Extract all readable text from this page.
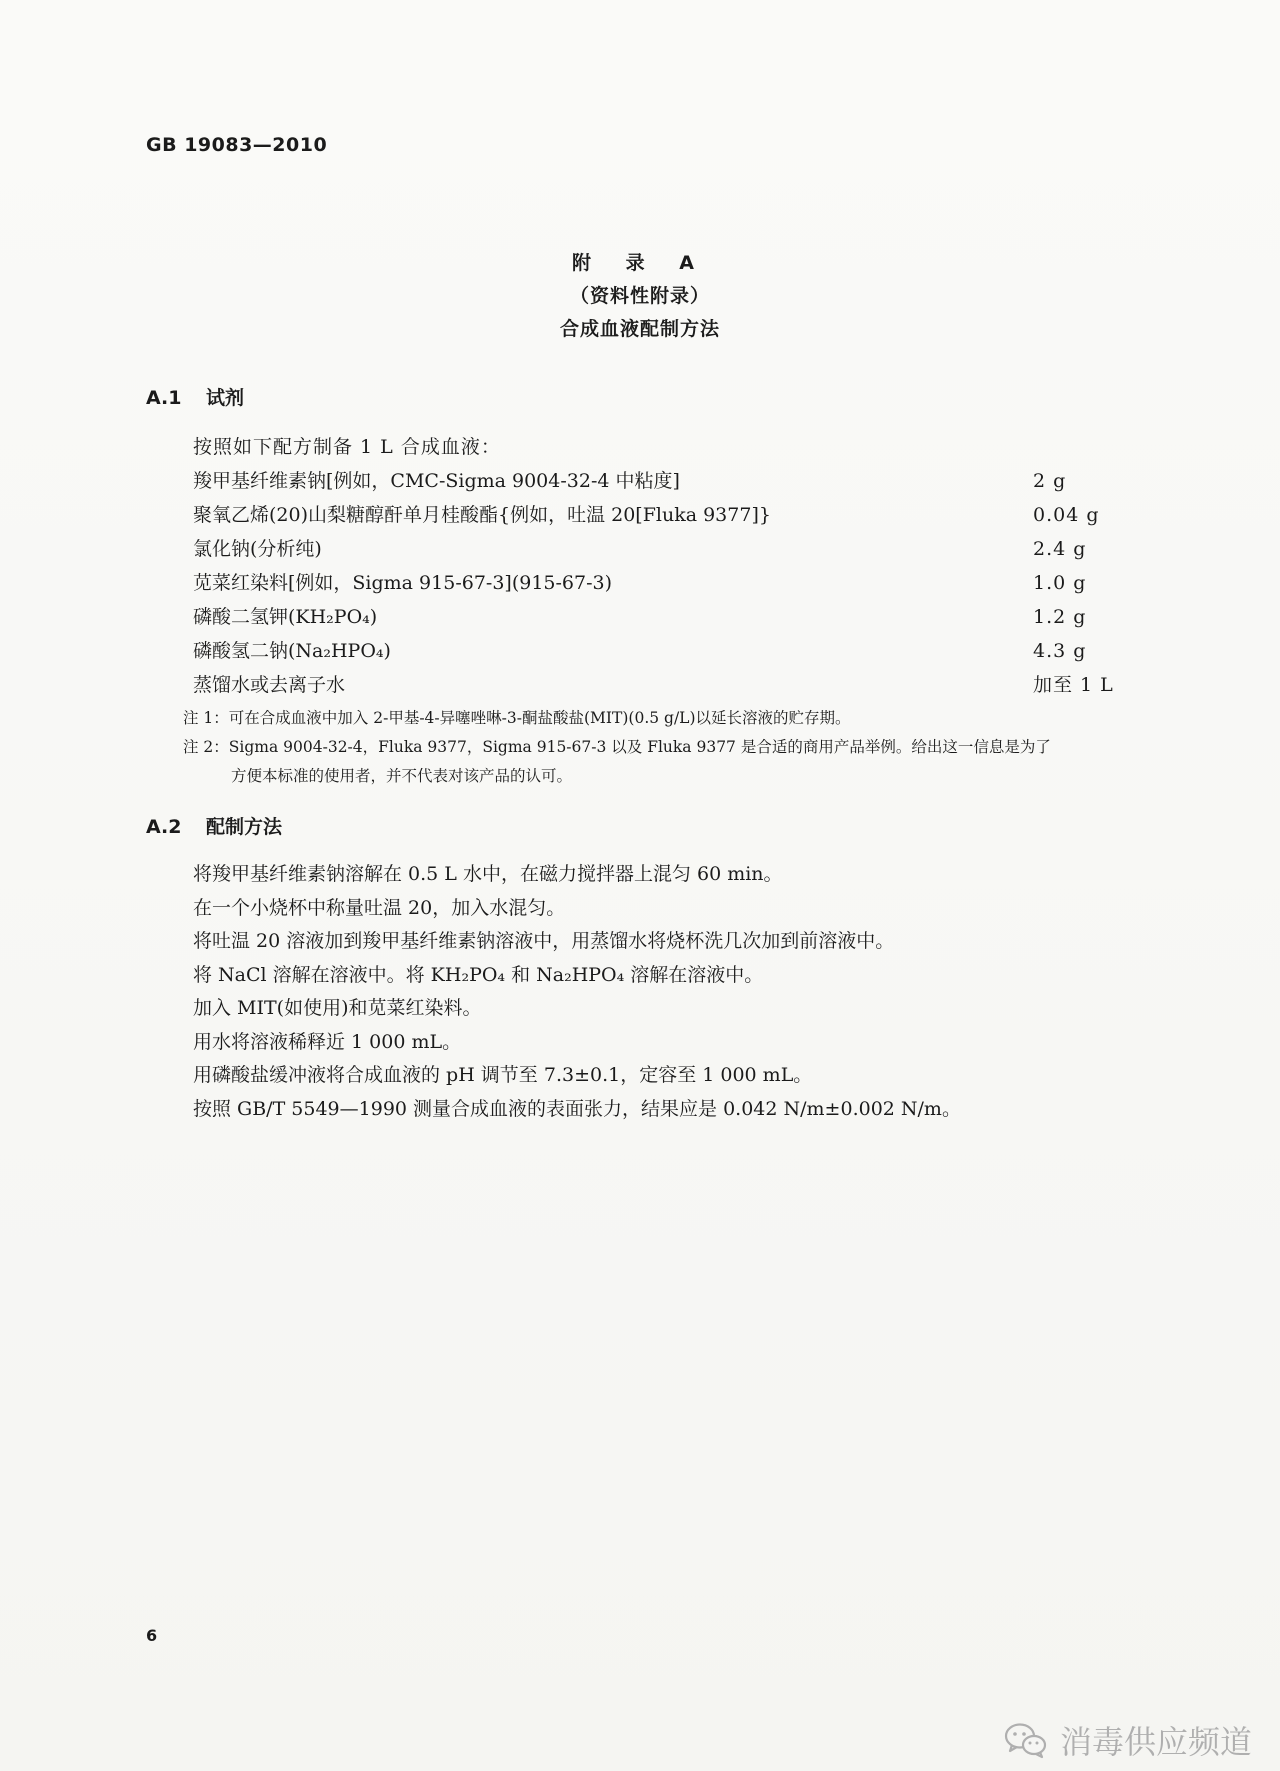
GB 19083—2010
附 录 A
（资料性附录）
合成血液配制方法
A.1 试剂
按照如下配方制备 1 L 合成血液：
羧甲基纤维素钠[例如，CMC-Sigma 9004-32-4 中粘度]	2 g
聚氧乙烯(20)山梨糖醇酐单月桂酸酯{例如，吐温 20[Fluka 9377]}	0.04 g
氯化钠(分析纯)	2.4 g
苋菜红染料[例如，Sigma 915-67-3](915-67-3)	1.0 g
磷酸二氢钾(KH₂PO₄)	1.2 g
磷酸氢二钠(Na₂HPO₄)	4.3 g
蒸馏水或去离子水	加至 1 L
注 1：可在合成血液中加入 2-甲基-4-异噻唑啉-3-酮盐酸盐(MIT)(0.5 g/L)以延长溶液的贮存期。
注 2：Sigma 9004-32-4，Fluka 9377，Sigma 915-67-3 以及 Fluka 9377 是合适的商用产品举例。给出这一信息是为了
方便本标准的使用者，并不代表对该产品的认可。
A.2 配制方法
将羧甲基纤维素钠溶解在 0.5 L 水中，在磁力搅拌器上混匀 60 min。
在一个小烧杯中称量吐温 20，加入水混匀。
将吐温 20 溶液加到羧甲基纤维素钠溶液中，用蒸馏水将烧杯洗几次加到前溶液中。
将 NaCl 溶解在溶液中。将 KH₂PO₄ 和 Na₂HPO₄ 溶解在溶液中。
加入 MIT(如使用)和苋菜红染料。
用水将溶液稀释近 1 000 mL。
用磷酸盐缓冲液将合成血液的 pH 调节至 7.3±0.1，定容至 1 000 mL。
按照 GB/T 5549—1990 测量合成血液的表面张力，结果应是 0.042 N/m±0.002 N/m。
6
消毒供应频道
